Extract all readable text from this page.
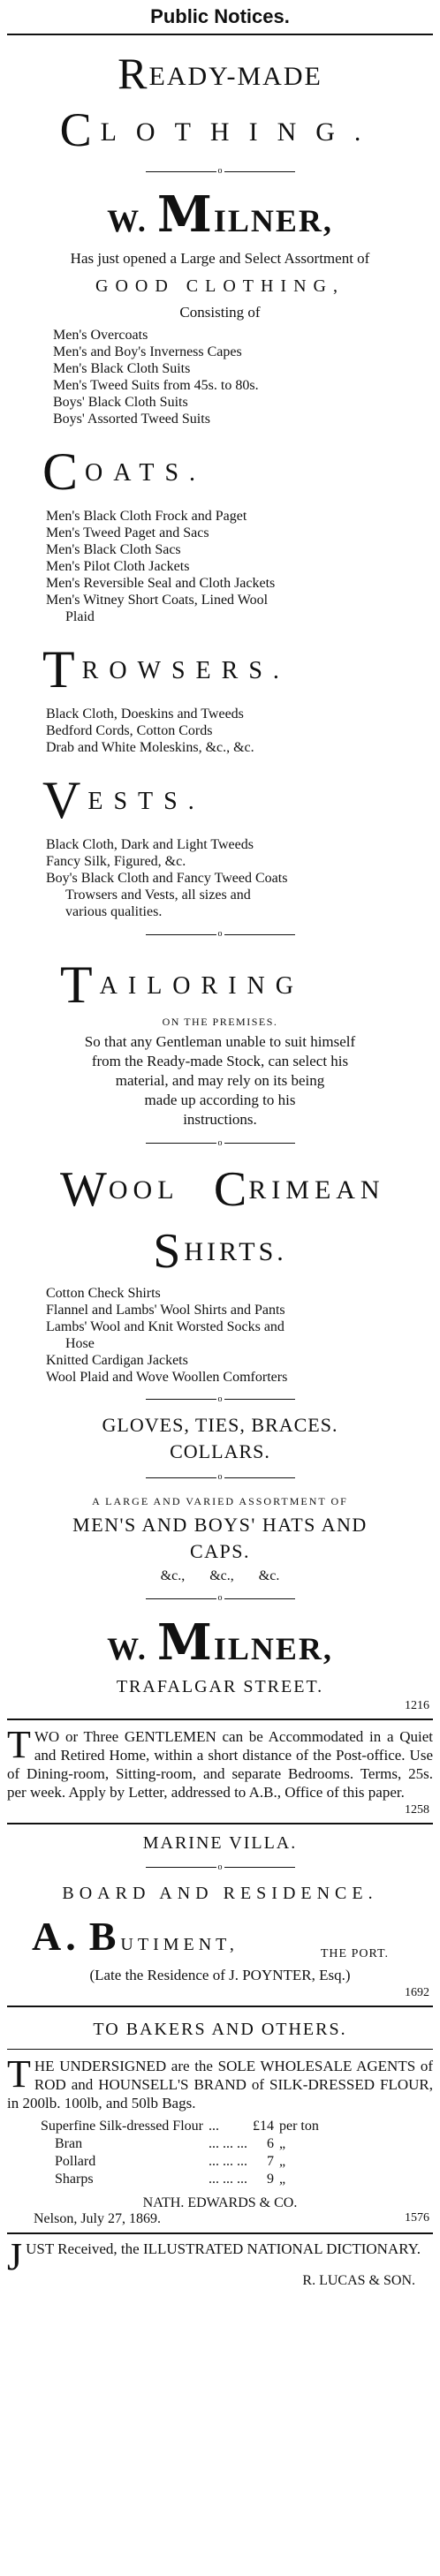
Public Notices.
READY-MADE
CLOTHING.
o
W. MILNER,
Has just opened a Large and Select Assortment of
GOOD CLOTHING,
Consisting of
Men's Overcoats
Men's and Boy's Inverness Capes
Men's Black Cloth Suits
Men's Tweed Suits from 45s. to 80s.
Boys' Black Cloth Suits
Boys' Assorted Tweed Suits
COATS.
Men's Black Cloth Frock and Paget
Men's Tweed Paget and Sacs
Men's Black Cloth Sacs
Men's Pilot Cloth Jackets
Men's Reversible Seal and Cloth Jackets
Men's Witney Short Coats, Lined Wool
Plaid
TROWSERS.
Black Cloth, Doeskins and Tweeds
Bedford Cords, Cotton Cords
Drab and White Moleskins, &c., &c.
VESTS.
Black Cloth, Dark and Light Tweeds
Fancy Silk, Figured, &c.
Boy's Black Cloth and Fancy Tweed Coats
Trowsers and Vests, all sizes and
various qualities.
o
TAILORING
ON THE PREMISES.
So that any Gentleman unable to suit himself
from the Ready-made Stock, can select his
material, and may rely on its being
made up according to his
instructions.
o
WOOL CRIMEAN
SHIRTS.
Cotton Check Shirts
Flannel and Lambs' Wool Shirts and Pants
Lambs' Wool and Knit Worsted Socks and
Hose
Knitted Cardigan Jackets
Wool Plaid and Wove Woollen Comforters
o
GLOVES, TIES, BRACES.
COLLARS.
o
A LARGE AND VARIED ASSORTMENT OF
MEN'S AND BOYS' HATS AND
CAPS.
&c., &c., &c.
o
W. MILNER,
TRAFALGAR STREET.
1216
TWO or Three GENTLEMEN can be Accommodated in a Quiet and Retired Home, within a short distance of the Post-office. Use of Dining-room, Sitting-room, and separate Bedrooms. Terms, 25s. per week. Apply by Letter, addressed to A.B., Office of this paper.
1258
MARINE VILLA.
o
BOARD AND RESIDENCE.
A. BUTIMENT,	THE PORT.
(Late the Residence of J. POYNTER, Esq.)
1692
TO BAKERS AND OTHERS.
THE UNDERSIGNED are the SOLE WHOLESALE AGENTS of ROD and HOUNSELL'S BRAND of SILK-DRESSED FLOUR, in 200lb. 100lb, and 50lb Bags.
Superfine Silk-dressed Flour	...	£14	per ton
Bran	... ... ...	6	„
Pollard	... ... ...	7	„
Sharps	... ... ...	9	„
NATH. EDWARDS & CO.
Nelson, July 27, 1869.	1576
JUST Received, the ILLUSTRATED NATIONAL DICTIONARY.
R. LUCAS & SON.
